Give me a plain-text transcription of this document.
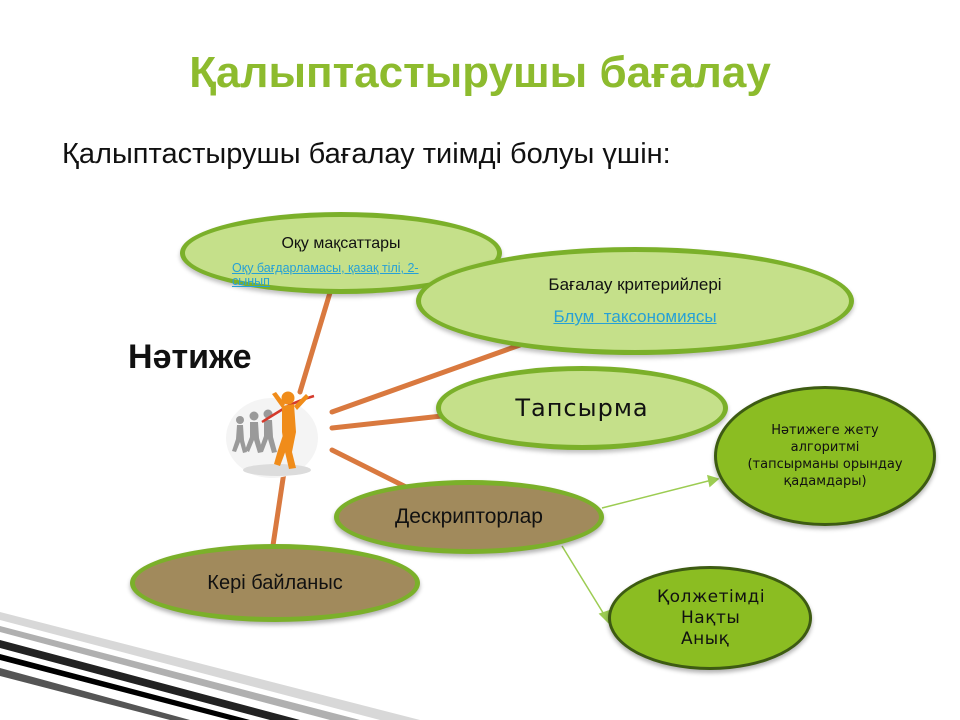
Қалыптастырушы бағалау
Қалыптастырушы бағалау тиімді болуы үшін:
Оқу мақсаттары
Бағалау критерийлері
Блум  таксономиясы
Оқу бағдарламасы, қазақ тілі, 2-сынып
Тапсырма
Дескрипторлар
Кері байланыс
Нәтижеге жету алгоритмі (тапсырманы орындау қадамдары)
Қолжетімді
Нақты
Анық
Нәтиже
